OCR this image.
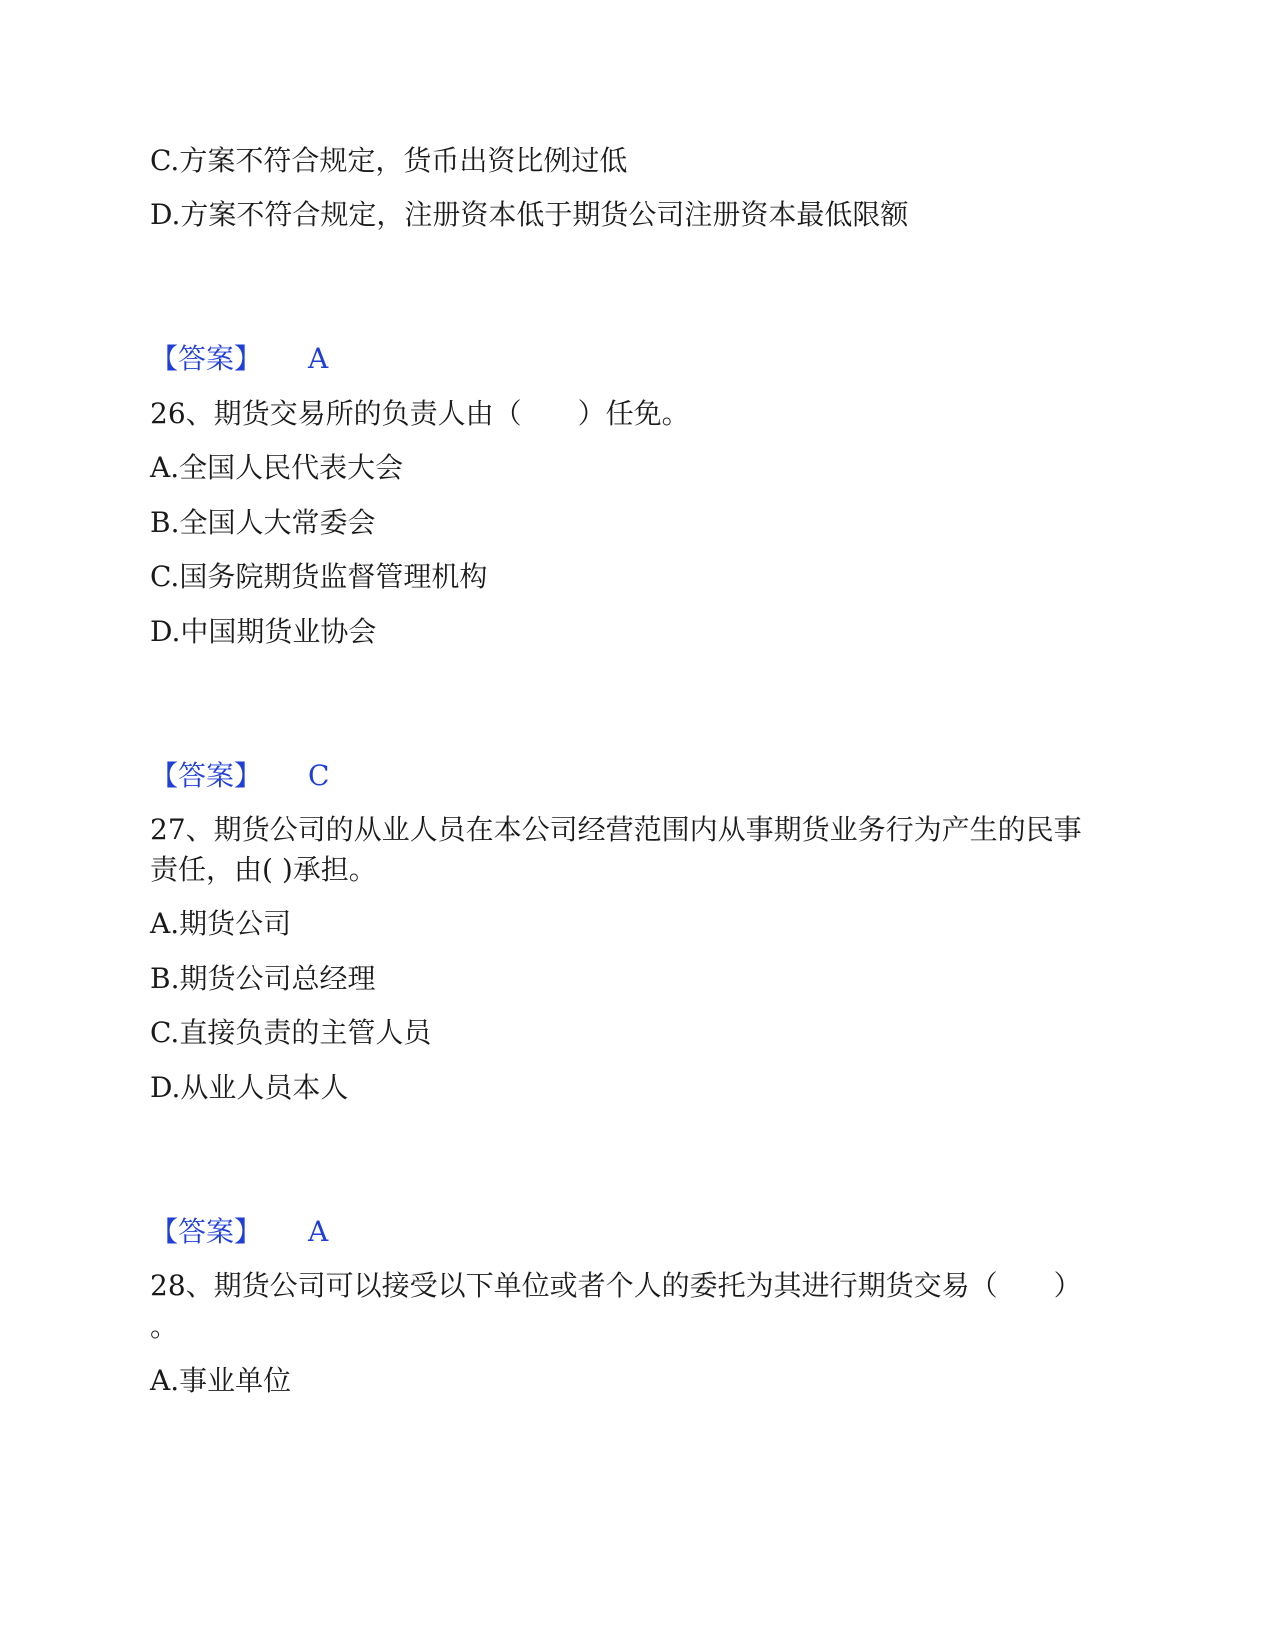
C.方案不符合规定，货币出资比例过低
D.方案不符合规定，注册资本低于期货公司注册资本最低限额
【答案】 A
26、期货交易所的负责人由（　　）任免。
A.全国人民代表大会
B.全国人大常委会
C.国务院期货监督管理机构
D.中国期货业协会
【答案】 C
27、期货公司的从业人员在本公司经营范围内从事期货业务行为产生的民事
责任，由( )承担。
A.期货公司
B.期货公司总经理
C.直接负责的主管人员
D.从业人员本人
【答案】 A
28、期货公司可以接受以下单位或者个人的委托为其进行期货交易（　　）
。
A.事业单位
